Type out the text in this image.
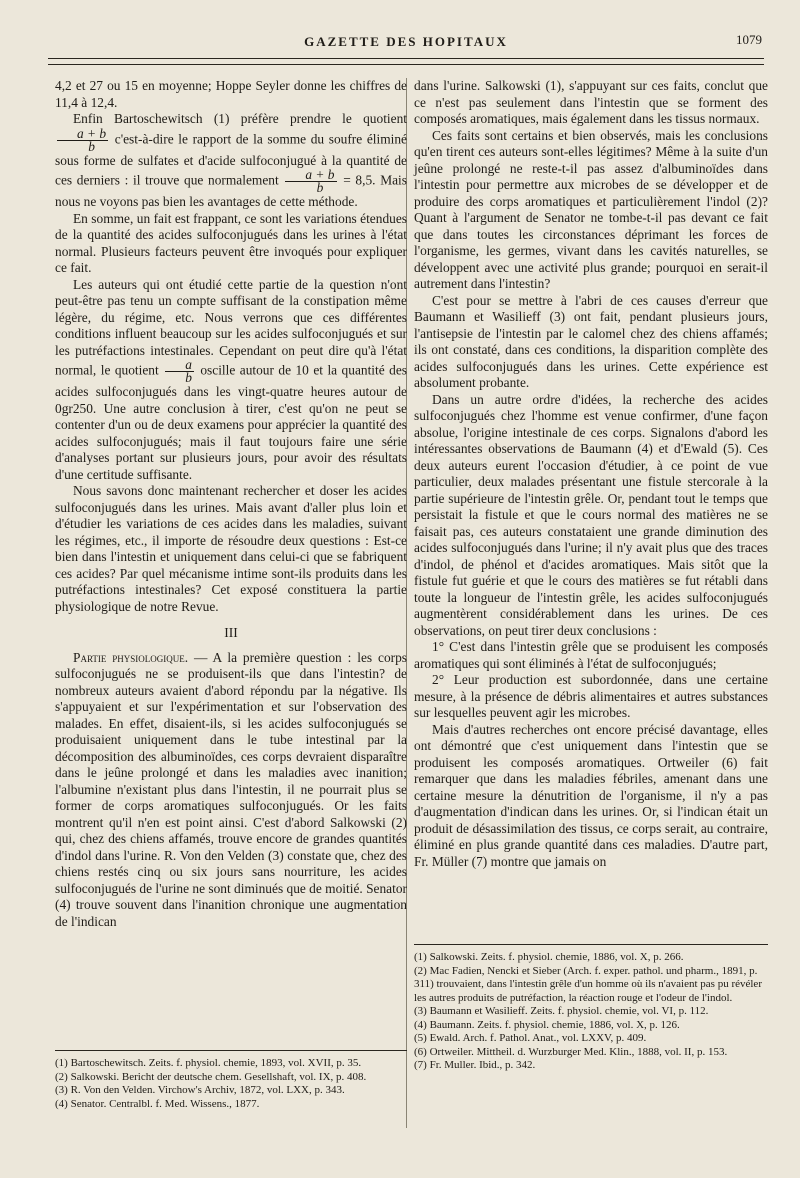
GAZETTE DES HOPITAUX	1079

4,2 et 27 ou 15 en moyenne; Hoppe Seyler donne les chiffres de 11,4 à 12,4.

Enfin Bartoschewitsch (1) préfère prendre le quotient
$\frac{a + b}{b}$ c'est-à-dire le rapport de la somme du soufre éliminé sous forme de sulfates et d'acide sulfoconjugué à la quantité de ces derniers : il trouve que normalement $\frac{a + b}{b} = 8,5$. Mais nous ne voyons pas bien les avantages de cette méthode.

En somme, un fait est frappant, ce sont les variations étendues de la quantité des acides sulfoconjugués dans les urines à l'état normal. Plusieurs facteurs peuvent être invoqués pour expliquer ce fait.

Les auteurs qui ont étudié cette partie de la question n'ont peut-être pas tenu un compte suffisant de la constipation même légère, du régime, etc. Nous verrons que ces différentes conditions influent beaucoup sur les acides sulfoconjugués et sur les putréfactions intestinales. Cependant on peut dire qu'à l'état normal, le quotient $\frac{a}{b}$ oscille autour de 10 et la quantité des acides sulfoconjugués dans les vingt-quatre heures autour de 0gr250. Une autre conclusion à tirer, c'est qu'on ne peut se contenter d'un ou de deux examens pour apprécier la quantité des acides sulfoconjugués; mais il faut toujours faire une série d'analyses portant sur plusieurs jours, pour avoir des résultats d'une certitude suffisante.

Nous savons donc maintenant rechercher et doser les acides sulfoconjugués dans les urines. Mais avant d'aller plus loin et d'étudier les variations de ces acides dans les maladies, suivant les régimes, etc., il importe de résoudre deux questions : Est-ce bien dans l'intestin et uniquement dans celui-ci que se fabriquent ces acides? Par quel mécanisme intime sont-ils produits dans les putréfactions intestinales? Cet exposé constituera la partie physiologique de notre Revue.

III

Partie physiologique. — A la première question : les corps sulfoconjugués ne se produisent-ils que dans l'intestin? de nombreux auteurs avaient d'abord répondu par la négative. Ils s'appuyaient et sur l'expérimentation et sur l'observation des malades. En effet, disaient-ils, si les acides sulfoconjugués se produisaient uniquement dans le tube intestinal par la décomposition des albuminoïdes, ces corps devraient disparaître dans le jeûne prolongé et dans les maladies avec inanition; l'albumine n'existant plus dans l'intestin, il ne pourrait plus se former de corps aromatiques sulfoconjugués. Or les faits montrent qu'il n'en est point ainsi. C'est d'abord Salkowski (2) qui, chez des chiens affamés, trouve encore de grandes quantités d'indol dans l'urine. R. Von den Velden (3) constate que, chez des chiens restés cinq ou six jours sans nourriture, les acides sulfoconjugués de l'urine ne sont diminués que de moitié. Senator (4) trouve souvent dans l'inanition chronique une augmentation de l'indican

(1) Bartoschewitsch. Zeits. f. physiol. chemie, 1893, vol. XVII, p. 35.
(2) Salkowski. Bericht der deutsche chem. Gesellshaft, vol. IX, p. 408.
(3) R. Von den Velden. Virchow's Archiv, 1872, vol. LXX, p. 343.
(4) Senator. Centralbl. f. Med. Wissens., 1877.

dans l'urine. Salkowski (1), s'appuyant sur ces faits, conclut que ce n'est pas seulement dans l'intestin que se forment des composés aromatiques, mais également dans les tissus normaux.

Ces faits sont certains et bien observés, mais les conclusions qu'en tirent ces auteurs sont-elles légitimes? Même à la suite d'un jeûne prolongé ne reste-t-il pas assez d'albuminoïdes dans l'intestin pour permettre aux microbes de se développer et de produire des corps aromatiques et particulièrement l'indol (2)? Quant à l'argument de Senator ne tombe-t-il pas devant ce fait que dans toutes les circonstances déprimant les forces de l'organisme, les germes, vivant dans les cavités naturelles, se développent avec une activité plus grande; pourquoi en serait-il autrement dans l'intestin?

C'est pour se mettre à l'abri de ces causes d'erreur que Baumann et Wasilieff (3) ont fait, pendant plusieurs jours, l'antisepsie de l'intestin par le calomel chez des chiens affamés; ils ont constaté, dans ces conditions, la disparition complète des acides sulfoconjugués dans les urines. Cette expérience est absolument probante.

Dans un autre ordre d'idées, la recherche des acides sulfoconjugués chez l'homme est venue confirmer, d'une façon absolue, l'origine intestinale de ces corps. Signalons d'abord les intéressantes observations de Baumann (4) et d'Ewald (5). Ces deux auteurs eurent l'occasion d'étudier, à ce point de vue particulier, deux malades présentant une fistule stercorale à la partie supérieure de l'intestin grêle. Or, pendant tout le temps que persistait la fistule et que le cours normal des matières ne se faisait pas, ces auteurs constataient une grande diminution des acides sulfoconjugués dans l'urine; il n'y avait plus que des traces d'indol, de phénol et d'acides aromatiques. Mais sitôt que la fistule fut guérie et que le cours des matières se fut rétabli dans toute la longueur de l'intestin grêle, les acides sulfoconjugués augmentèrent considérablement dans les urines. De ces observations, on peut tirer deux conclusions :

1° C'est dans l'intestin grêle que se produisent les composés aromatiques qui sont éliminés à l'état de sulfoconjugués;

2° Leur production est subordonnée, dans une certaine mesure, à la présence de débris alimentaires et autres substances sur lesquelles peuvent agir les microbes.

Mais d'autres recherches ont encore précisé davantage, elles ont démontré que c'est uniquement dans l'intestin que se produisent les composés aromatiques. Ortweiler (6) fait remarquer que dans les maladies fébriles, amenant dans une certaine mesure la dénutrition de l'organisme, il n'y a pas d'augmentation d'indican dans les urines. Or, si l'indican était un produit de désassimilation des tissus, ce corps serait, au contraire, éliminé en plus grande quantité dans ces maladies. D'autre part, Fr. Müller (7) montre que jamais on

(1) Salkowski. Zeits. f. physiol. chemie, 1886, vol. X, p. 266.
(2) Mac Fadien, Nencki et Sieber (Arch. f. exper. pathol. und pharm., 1891, p. 311) trouvaient, dans l'intestin grêle d'un homme où ils n'avaient pas pu révéler les autres produits de putréfaction, la réaction rouge et l'odeur de l'indol.
(3) Baumann et Wasilieff. Zeits. f. physiol. chemie, vol. VI, p. 112.
(4) Baumann. Zeits. f. physiol. chemie, 1886, vol. X, p. 126.
(5) Ewald. Arch. f. Pathol. Anat., vol. LXXV, p. 409.
(6) Ortweiler. Mittheil. d. Wurzburger Med. Klin., 1888, vol. II, p. 153.
(7) Fr. Muller. Ibid., p. 342.
